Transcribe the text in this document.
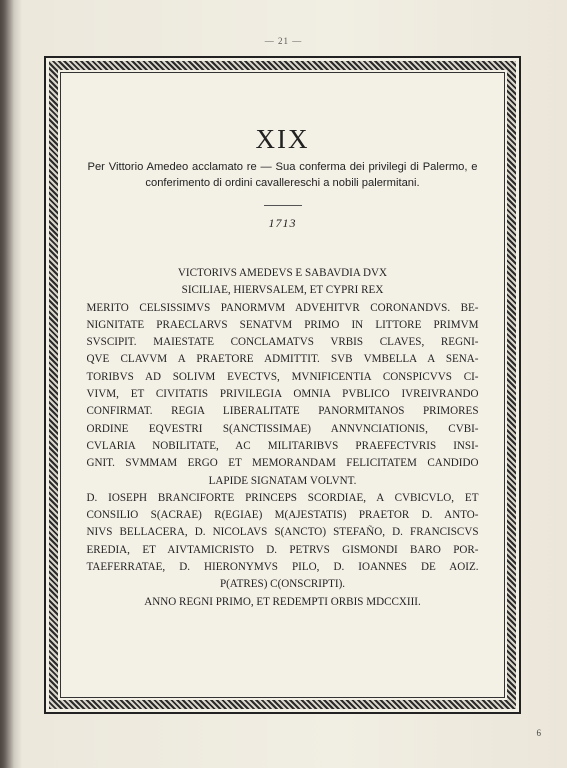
— 21 —
XIX
Per Vittorio Amedeo acclamato re — Sua conferma dei privilegi di Palermo, e conferimento di ordini cavallereschi a nobili palermitani.
1713
VICTORIVS AMEDEVS E SABAVDIA DVX
SICILIAE, HIERVSALEM, ET CYPRI REX
MERITO CELSISSIMVS PANORMVM ADVEHITVR CORONANDVS. BE-
NIGNITATE PRAECLARVS SENATVM PRIMO IN LITTORE PRIMVM
SVSCIPIT. MAIESTATE CONCLAMATVS VRBIS CLAVES, REGNI-
QVE CLAVVM A PRAETORE ADMITTIT. SVB VMBELLA A SENA-
TORIBVS AD SOLIVM EVECTVS, MVNIFICENTIA CONSPICVVS CI-
VIVM, ET CIVITATIS PRIVILEGIA OMNIA PVBLICO IVREIVRANDO
CONFIRMAT. REGIA LIBERALITATE PANORMITANOS PRIMORES
ORDINE EQVESTRI S(ANCTISSIMAE) ANNVNCIATIONIS, CVBI-
CVLARIA NOBILITATE, AC MILITARIBVS PRAEFECTVRIS INSI-
GNIT. SVMMAM ERGO ET MEMORANDAM FELICITATEM CANDIDO
LAPIDE SIGNATAM VOLVNT.
D. IOSEPH BRANCIFORTE PRINCEPS SCORDIAE, A CVBICVLO, ET
CONSILIO S(ACRAE) R(EGIAE) M(AJESTATIS) PRAETOR D. ANTO-
NIVS BELLACERA, D. NICOLAVS S(ANCTO) STEFAÑO, D. FRANCISCVS
EREDIA, ET AIVTAMICRISTO D. PETRVS GISMONDI BARO POR-
TAEFERRATAE, D. HIERONYMVS PILO, D. IOANNES DE AOIZ.
P(ATRES) C(ONSCRIPTI).
ANNO REGNI PRIMO, ET REDEMPTI ORBIS MDCCXIII.
6
